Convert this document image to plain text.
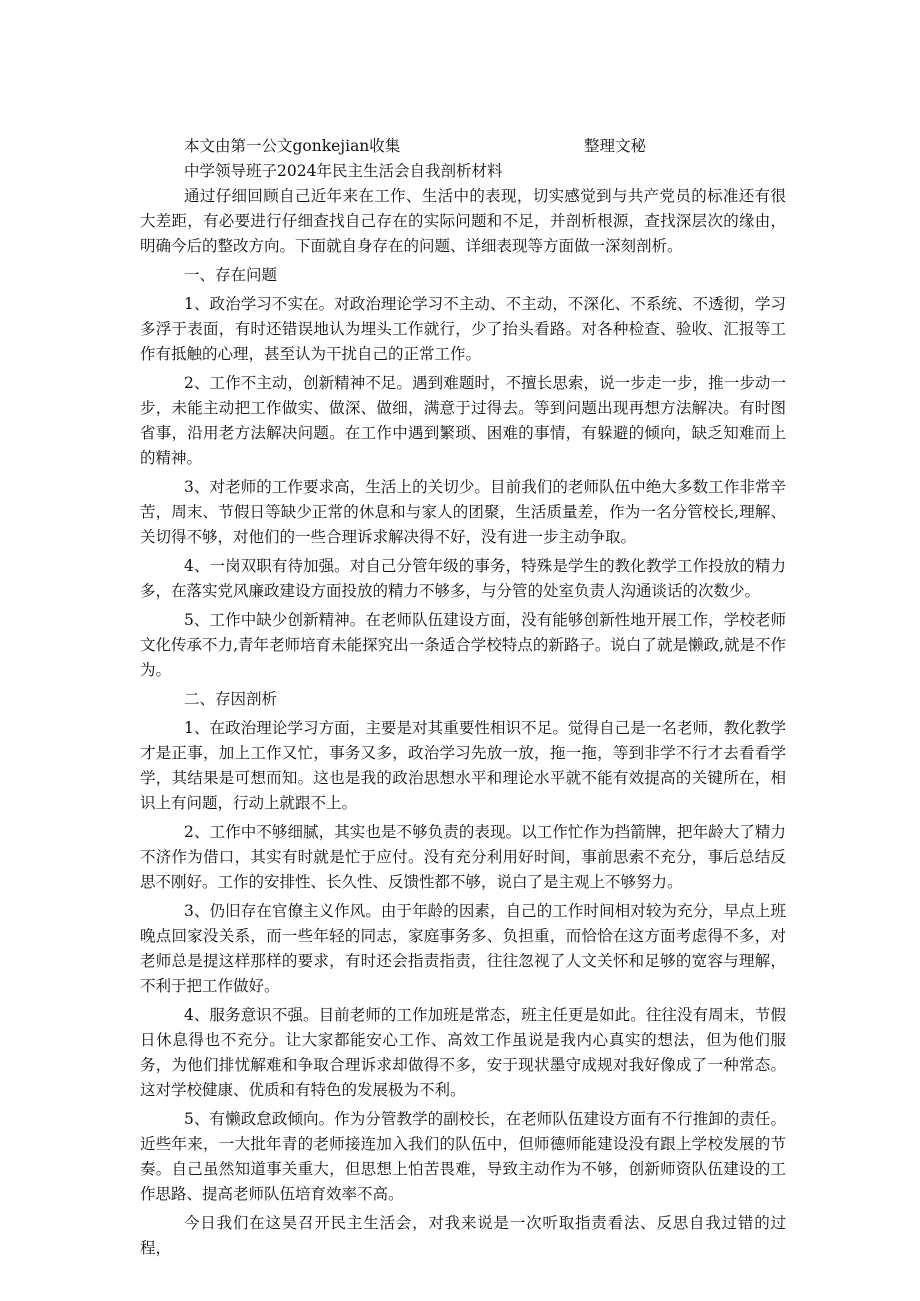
本文由第一公文gonkejian收集	整理文秘
中学领导班子2024年民主生活会自我剖析材料

通过仔细回顾自己近年来在工作、生活中的表现，切实感觉到与共产党员的标准还有很大差距，有必要进行仔细查找自己存在的实际问题和不足，并剖析根源，查找深层次的缘由，明确今后的整改方向。下面就自身存在的问题、详细表现等方面做一深刻剖析。

一、存在问题

1、政治学习不实在。对政治理论学习不主动、不主动，不深化、不系统、不透彻，学习多浮于表面，有时还错误地认为埋头工作就行，少了抬头看路。对各种检查、验收、汇报等工作有抵触的心理，甚至认为干扰自己的正常工作。

2、工作不主动，创新精神不足。遇到难题时，不擅长思索，说一步走一步，推一步动一步，未能主动把工作做实、做深、做细，满意于过得去。等到问题出现再想方法解决。有时图省事，沿用老方法解决问题。在工作中遇到繁琐、困难的事情，有躲避的倾向，缺乏知难而上的精神。

3、对老师的工作要求高，生活上的关切少。目前我们的老师队伍中绝大多数工作非常辛苦，周末、节假日等缺少正常的休息和与家人的团聚，生活质量差，作为一名分管校长,理解、关切得不够，对他们的一些合理诉求解决得不好，没有进一步主动争取。

4、一岗双职有待加强。对自己分管年级的事务，特殊是学生的教化教学工作投放的精力多，在落实党风廉政建设方面投放的精力不够多，与分管的处室负责人沟通谈话的次数少。

5、工作中缺少创新精神。在老师队伍建设方面，没有能够创新性地开展工作，学校老师文化传承不力,青年老师培育未能探究出一条适合学校特点的新路子。说白了就是懒政,就是不作为。

二、存因剖析

1、在政治理论学习方面，主要是对其重要性相识不足。觉得自己是一名老师，教化教学才是正事，加上工作又忙，事务又多，政治学习先放一放，拖一拖，等到非学不行才去看看学学，其结果是可想而知。这也是我的政治思想水平和理论水平就不能有效提高的关键所在，相识上有问题，行动上就跟不上。

2、工作中不够细腻，其实也是不够负责的表现。以工作忙作为挡箭牌，把年龄大了精力不济作为借口，其实有时就是忙于应付。没有充分利用好时间，事前思索不充分，事后总结反思不刚好。工作的安排性、长久性、反馈性都不够，说白了是主观上不够努力。

3、仍旧存在官僚主义作风。由于年龄的因素，自己的工作时间相对较为充分，早点上班晚点回家没关系，而一些年轻的同志，家庭事务多、负担重，而恰恰在这方面考虑得不多，对老师总是提这样那样的要求，有时还会指责指责，往往忽视了人文关怀和足够的宽容与理解，不利于把工作做好。

4、服务意识不强。目前老师的工作加班是常态，班主任更是如此。往往没有周末，节假日休息得也不充分。让大家都能安心工作、高效工作虽说是我内心真实的想法，但为他们服务，为他们排忧解难和争取合理诉求却做得不多，安于现状墨守成规对我好像成了一种常态。这对学校健康、优质和有特色的发展极为不利。

5、有懒政怠政倾向。作为分管教学的副校长，在老师队伍建设方面有不行推卸的责任。近些年来，一大批年青的老师接连加入我们的队伍中，但师德师能建设没有跟上学校发展的节奏。自己虽然知道事关重大，但思想上怕苦畏难，导致主动作为不够，创新师资队伍建设的工作思路、提高老师队伍培育效率不高。

今日我们在这昊召开民主生活会，对我来说是一次听取指责看法、反思自我过错的过程，
